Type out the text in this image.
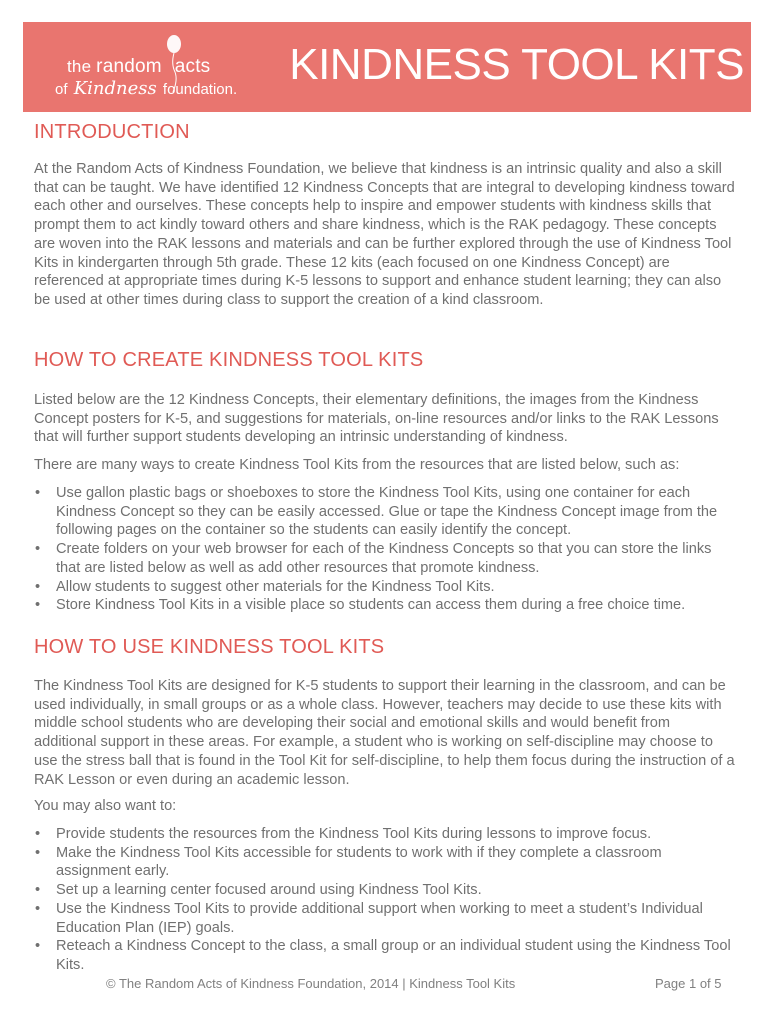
the random acts
of Kindness foundation.
KINDNESS TOOL KITS
INTRODUCTION

At the Random Acts of Kindness Foundation, we believe that kindness is an intrinsic quality and also a skill that can be taught. We have identified 12 Kindness Concepts that are integral to developing kindness toward each other and ourselves. These concepts help to inspire and empower students with kindness skills that prompt them to act kindly toward others and share kindness, which is the RAK pedagogy. These concepts are woven into the RAK lessons and materials and can be further explored through the use of Kindness Tool Kits in kindergarten through 5th grade. These 12 kits (each focused on one Kindness Concept) are referenced at appropriate times during K-5 lessons to support and enhance student learning; they can also be used at other times during class to support the creation of a kind classroom.

HOW TO CREATE KINDNESS TOOL KITS

Listed below are the 12 Kindness Concepts, their elementary definitions, the images from the Kindness Concept posters for K-5, and suggestions for materials, on-line resources and/or links to the RAK Lessons that will further support students developing an intrinsic understanding of kindness.

There are many ways to create Kindness Tool Kits from the resources that are listed below, such as:

• Use gallon plastic bags or shoeboxes to store the Kindness Tool Kits, using one container for each Kindness Concept so they can be easily accessed. Glue or tape the Kindness Concept image from the following pages on the container so the students can easily identify the concept.
• Create folders on your web browser for each of the Kindness Concepts so that you can store the links that are listed below as well as add other resources that promote kindness.
• Allow students to suggest other materials for the Kindness Tool Kits.
• Store Kindness Tool Kits in a visible place so students can access them during a free choice time.
HOW TO USE KINDNESS TOOL KITS

The Kindness Tool Kits are designed for K-5 students to support their learning in the classroom, and can be used individually, in small groups or as a whole class. However, teachers may decide to use these kits with middle school students who are developing their social and emotional skills and would benefit from additional support in these areas. For example, a student who is working on self-discipline may choose to use the stress ball that is found in the Tool Kit for self-discipline, to help them focus during the instruction of a RAK Lesson or even during an academic lesson.

You may also want to:

• Provide students the resources from the Kindness Tool Kits during lessons to improve focus.
• Make the Kindness Tool Kits accessible for students to work with if they complete a classroom assignment early.
• Set up a learning center focused around using Kindness Tool Kits.
• Use the Kindness Tool Kits to provide additional support when working to meet a student’s Individual Education Plan (IEP) goals.
• Reteach a Kindness Concept to the class, a small group or an individual student using the Kindness Tool Kits.
© The Random Acts of Kindness Foundation, 2014 | Kindness Tool Kits	Page 1 of 5
